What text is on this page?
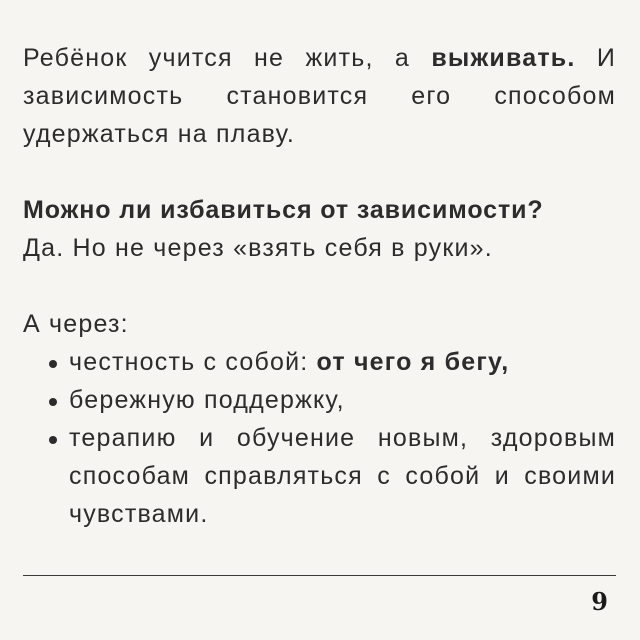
Ребёнок учится не жить, а выживать. И зависимость становится его способом удержаться на плаву.

Можно ли избавиться от зависимости?
Да. Но не через «взять себя в руки».
А через:
честность с собой: от чего я бегу,
бережную поддержку,
терапию и обучение новым, здоровым способам справляться с собой и своими чувствами.
9
